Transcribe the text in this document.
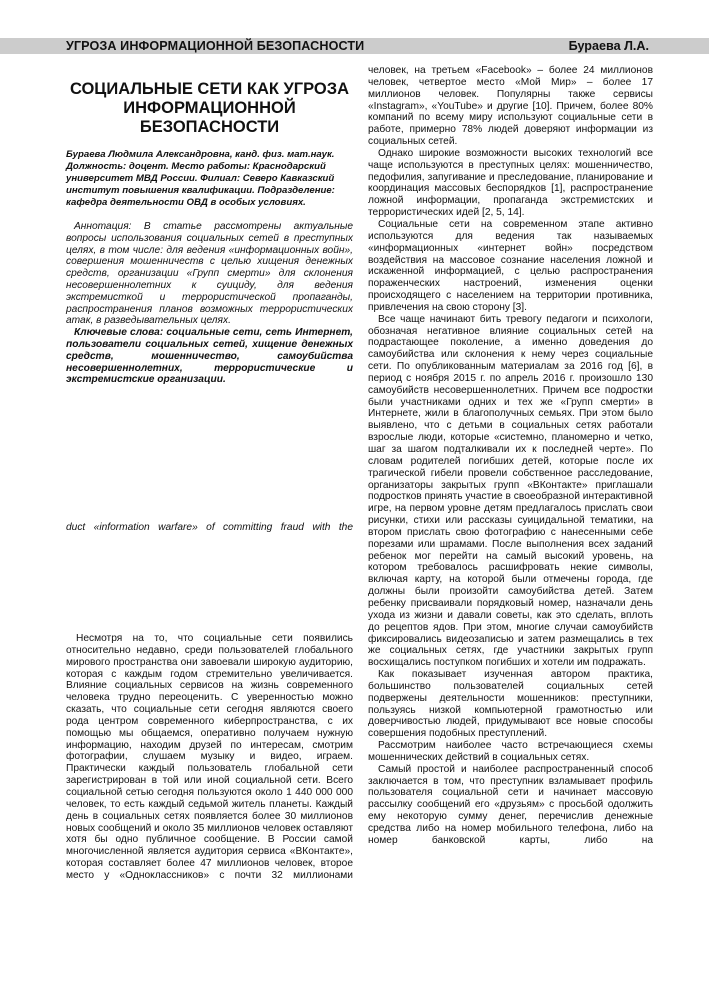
УГРОЗА ИНФОРМАЦИОННОЙ БЕЗОПАСНОСТИ	Бураева Л.А.
СОЦИАЛЬНЫЕ СЕТИ КАК УГРОЗА ИНФОРМАЦИОННОЙ БЕЗОПАСНОСТИ
Бураева Людмила Александровна, канд. физ. мат.наук. Должность: доцент. Место работы: Краснодарский университет МВД России. Филиал: Северо Кавказский институт повышения квалификации. Подразделение: кафедра деятельности ОВД в особых условиях.

Аннотация: В статье рассмотрены актуальные вопросы использования социальных сетей в преступных целях, в том числе: для ведения «информационных войн», совершения мошенничеств с целью хищения денежных средств, организации «Групп смерти» для склонения несовершеннолетних к суициду, для ведения экстремисткой и террористической пропаганды, распространения планов возможных террористических атак, в разведывательных целях.

Ключевые слова: социальные сети, сеть Интернет, пользователи социальных сетей, хищение денежных средств, мошенничество, самоубийства несовершеннолетних, террористические и экстремистские организации.

duct «information warfare» of committing fraud with the

Несмотря на то, что социальные сети появились относительно недавно, среди пользователей глобального мирового пространства они завоевали широкую аудиторию, которая с каждым годом стремительно увеличивается. Влияние социальных сервисов на жизнь современного человека трудно переоценить. С уверенностью можно сказать, что социальные сети сегодня являются своего рода центром современного киберпространства, с их помощью мы общаемся, оперативно получаем нужную информацию, находим друзей по интересам, смотрим фотографии, слушаем музыку и видео, играем. Практически каждый пользователь глобальной сети зарегистрирован в той или иной социальной сети. Всего социальной сетью сегодня пользуются около 1 440 000 000 человек, то есть каждый седьмой житель планеты. Каждый день в социальных сетях появляется более 30 миллионов новых сообщений и около 35 миллионов человек оставляют хотя бы одно публичное сообщение. В России самой многочисленной является аудитория сервиса «ВКонтакте», которая составляет более 47 миллионов человек, второе место у «Одноклассников» с почти 32 миллионами

человек, на третьем «Facebook» – более 24 миллионов человек, четвертое место «Мой Мир» – более 17 миллионов человек. Популярны также сервисы «Instagram», «YouTube» и другие [10]. Причем, более 80% компаний по всему миру используют социальные сети в работе, примерно 78% людей доверяют информации из социальных сетей.

Однако широкие возможности высоких технологий все чаще используются в преступных целях: мошенничество, педофилия, запугивание и преследование, планирование и координация массовых беспорядков [1], распространение ложной информации, пропаганда экстремистских и террористических идей [2, 5, 14].

Социальные сети на современном этапе активно используются для ведения так называемых «информационных «интернет войн» посредством воздействия на массовое сознание населения ложной и искаженной информацией, с целью распространения пораженческих настроений, изменения оценки происходящего с населением на территории противника, привлечения на свою сторону [3].

Все чаще начинают бить тревогу педагоги и психологи, обозначая негативное влияние социальных сетей на подрастающее поколение, а именно доведения до самоубийства или склонения к нему через социальные сети. По опубликованным материалам за 2016 год [6], в период с ноября 2015 г. по апрель 2016 г. произошло 130 самоубийств несовершеннолетних. Причем все подростки были участниками одних и тех же «Групп смерти» в Интернете, жили в благополучных семьях. При этом было выявлено, что с детьми в социальных сетях работали взрослые люди, которые «системно, планомерно и четко, шаг за шагом подталкивали их к последней черте». По словам родителей погибших детей, которые после их трагической гибели провели собственное расследование, организаторы закрытых групп «ВКонтакте» приглашали подростков принять участие в своеобразной интерактивной игре, на первом уровне детям предлагалось прислать свои рисунки, стихи или рассказы суицидальной тематики, на втором прислать свою фотографию с нанесенными себе порезами или шрамами. После выполнения всех заданий ребенок мог перейти на самый высокий уровень, на котором требовалось расшифровать некие символы, включая карту, на которой были отмечены города, где должны были произойти самоубийства детей. Затем ребенку присваивали порядковый номер, назначали день ухода из жизни и давали советы, как это сделать, вплоть до рецептов ядов. При этом, многие случаи самоубийств фиксировались видеозаписью и затем размещались в тех же социальных сетях, где участники закрытых групп восхищались поступком погибших и хотели им подражать.

Как показывает изученная автором практика, большинство пользователей социальных сетей подвержены деятельности мошенников: преступники, пользуясь низкой компьютерной грамотностью или доверчивостью людей, придумывают все новые способы совершения подобных преступлений.

Рассмотрим наиболее часто встречающиеся схемы мошеннических действий в социальных сетях.

Самый простой и наиболее распространенный способ заключается в том, что преступник взламывает профиль пользователя социальной сети и начинает массовую рассылку сообщений его «друзьям» с просьбой одолжить ему некоторую сумму денег, перечислив денежные средства либо на номер мобильного телефона, либо на номер банковской карты, либо на
